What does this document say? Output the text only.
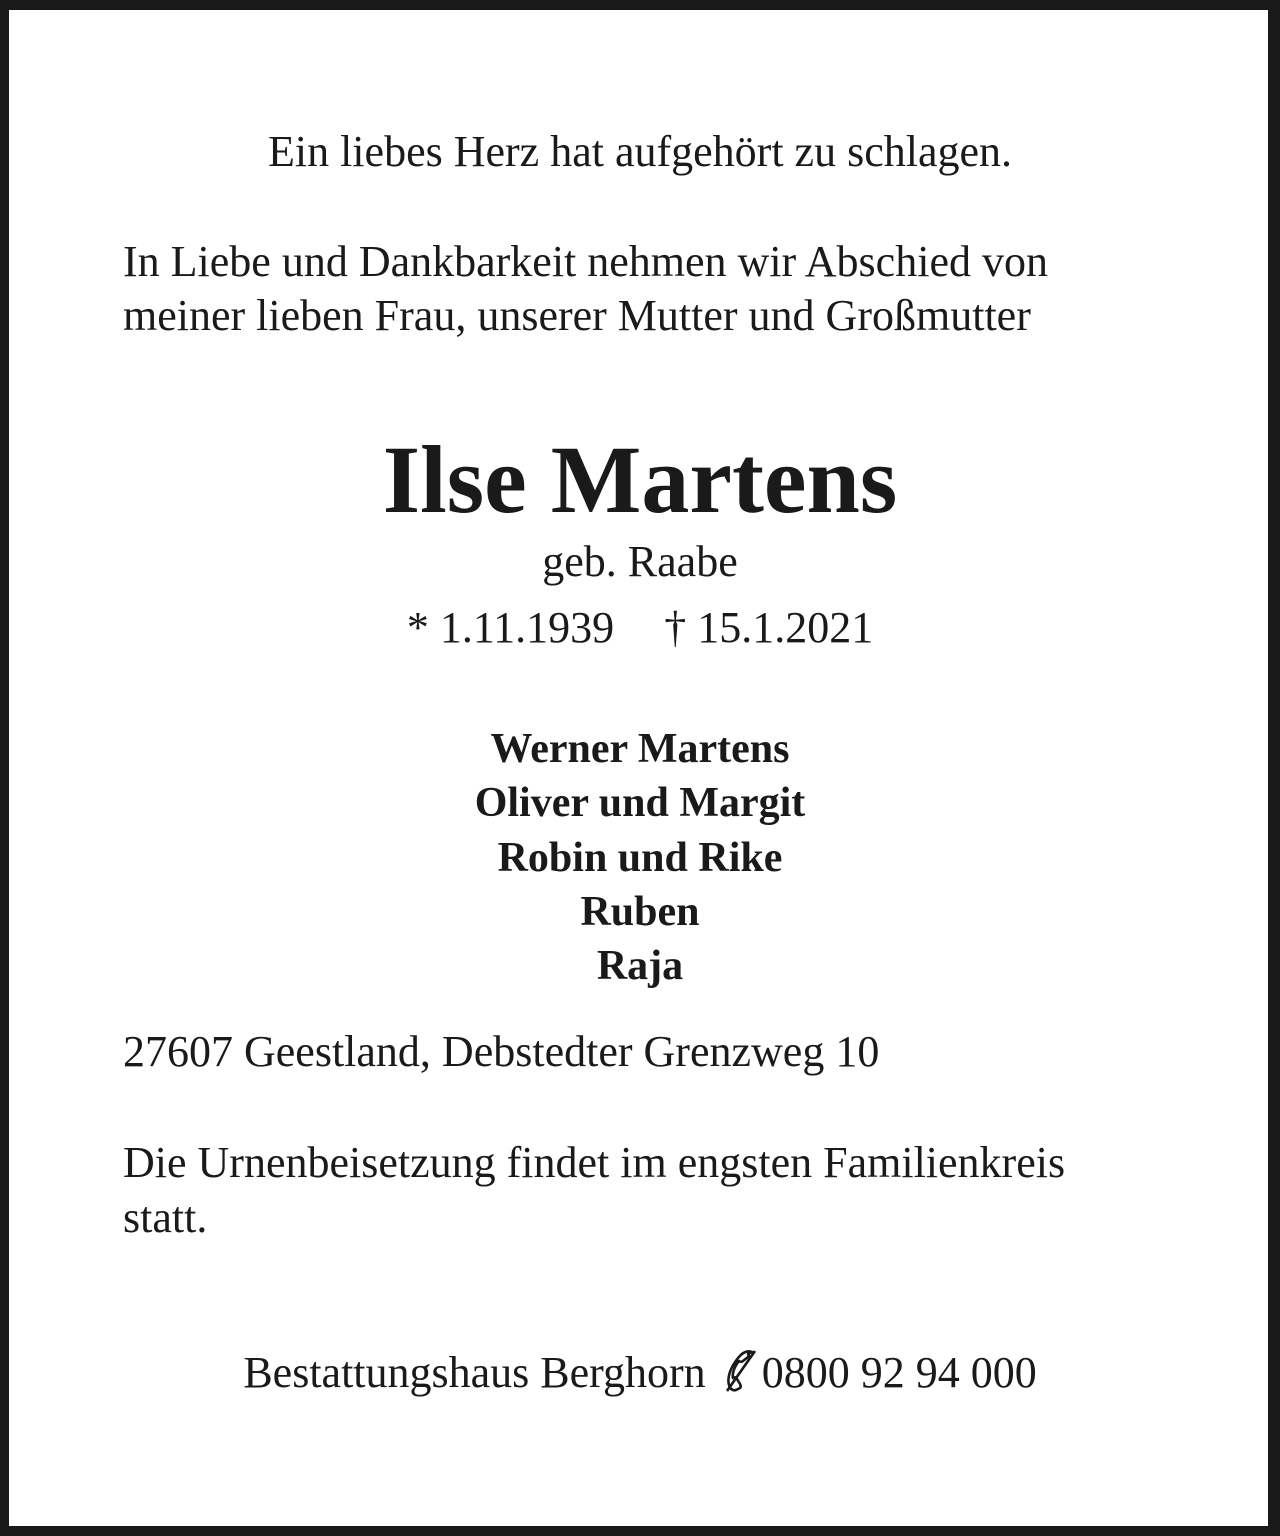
Ein liebes Herz hat aufgehört zu schlagen.
In Liebe und Dankbarkeit nehmen wir Abschied von
meiner lieben Frau, unserer Mutter und Großmutter
Ilse Martens
geb. Raabe
* 1.11.1939 † 15.1.2021
Werner Martens
Oliver und Margit
Robin und Rike
Ruben
Raja
27607 Geestland, Debstedter Grenzweg 10
Die Urnenbeisetzung findet im engsten Familienkreis
statt.
Bestattungshaus Berghorn 0800 92 94 000
